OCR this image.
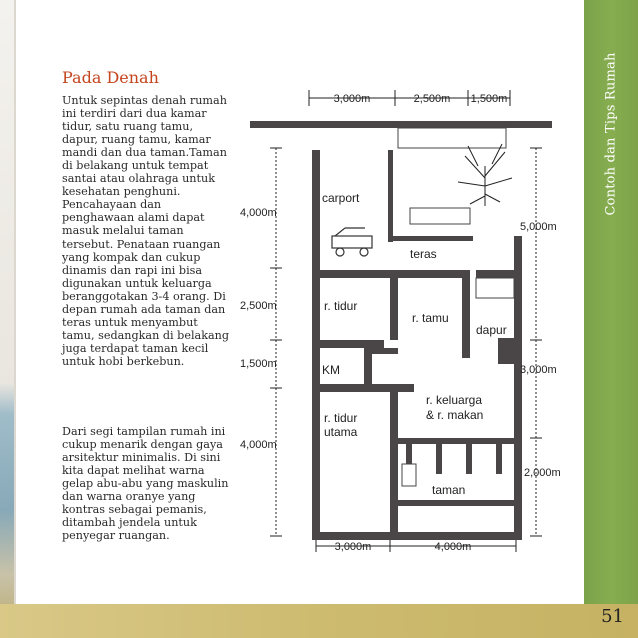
Contoh dan Tips Rumah
51
Pada Denah

Untuk sepintas denah rumah ini terdiri dari dua kamar tidur, satu ruang tamu, dapur, ruang tamu, kamar mandi dan dua taman.Taman di belakang untuk tempat santai atau olahraga untuk kesehatan penghuni. Pencahayaan dan penghawaan alami dapat masuk melalui taman tersebut. Penataan ruangan yang kompak dan cukup dinamis dan rapi ini bisa digunakan untuk keluarga beranggotakan 3-4 orang. Di depan rumah ada taman dan teras untuk menyambut tamu, sedangkan di belakang juga terdapat taman kecil untuk hobi berkebun.

Dari segi tampilan rumah ini cukup menarik dengan gaya arsitektur minimalis. Di sini kita dapat melihat warna gelap abu-abu yang maskulin dan warna oranye yang kontras sebagai pemanis, ditambah jendela untuk penyegar ruangan.

3,000m	2,500m 1,500m
carport
teras
r. tidur
r. tamu
dapur
KM
r. keluarga
& r. makan
r. tidur
utama
taman
4,000m
2,500m
1,500m
4,000m
5,000m
3,000m
2,000m
3,000m	4,000m
